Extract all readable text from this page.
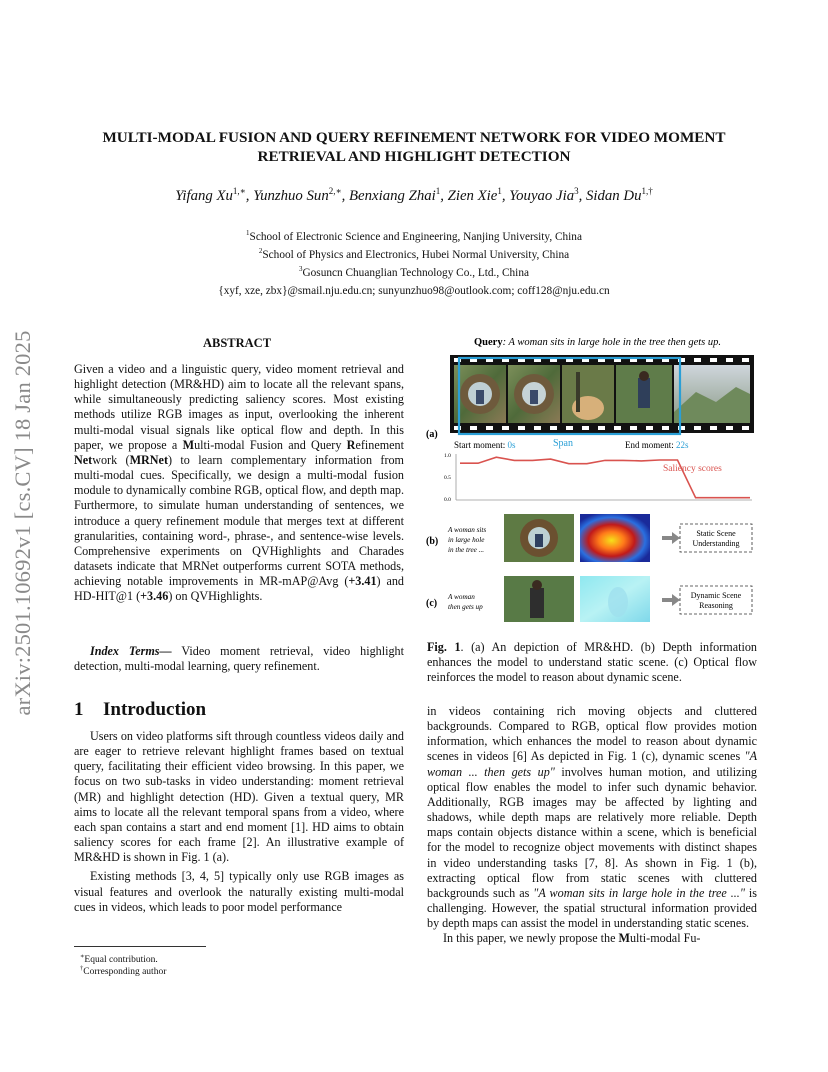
arXiv:2501.10692v1 [cs.CV] 18 Jan 2025
MULTI-MODAL FUSION AND QUERY REFINEMENT NETWORK FOR VIDEO MOMENT
RETRIEVAL AND HIGHLIGHT DETECTION
Yifang $Xu^{1,∗}$, Yunzhuo Sun$^{2,∗}$, Benxiang Zhai$^1$, Zien Xie$^1$, Youyao Jia$^3$, Sidan $Du^{1,\dagger}$
$^1$School of Electronic Science and Engineering, Nanjing University, China
$^2$School of Physics and Electronics, Hubei Normal University, China
$^3$Gosuncn Chuanglian Technology Co., Ltd., China
{xyf, xze, zbx}@smail.nju.edu.cn; sunyunzhuo98@outlook.com; coff128@nju.edu.cn
ABSTRACT

Given a video and a linguistic query, video moment retrieval and highlight detection (MR&HD) aim to locate all the relevant spans, while simultaneously predicting saliency scores. Most existing methods utilize RGB images as input, overlooking the inherent multi-modal visual signals like optical flow and depth. In this paper, we propose a Multi-modal Fusion and Query Refinement Network (MRNet) to learn complementary information from multi-modal cues. Specifically, we design a multi-modal fusion module to dynamically combine RGB, optical flow, and depth map. Furthermore, to simulate human understanding of sentences, we introduce a query refinement module that merges text at different granularities, containing word-, phrase-, and sentence-wise levels. Comprehensive experiments on QVHighlights and Charades datasets indicate that MRNet outperforms current SOTA methods, achieving notable improvements in MR-mAP@Avg (+3.41) and HD-HIT@1 (+3.46) on QVHighlights.

Index Terms— Video moment retrieval, video highlight detection, multi-modal learning, query refinement.

1 Introduction

Users on video platforms sift through countless videos daily and are eager to retrieve relevant highlight frames based on textual query, facilitating their efficient video browsing. In this paper, we focus on two sub-tasks in video understanding: moment retrieval (MR) and highlight detection (HD). Given a textual query, MR aims to locate all the relevant temporal spans from a video, where each span contains a start and end moment [1]. HD aims to obtain saliency scores for each frame [2]. An illustrative example of MR&HD is shown in Fig. 1 (a).

Existing methods [3, 4, 5] typically only use RGB images as visual features and overlook the naturally existing multi-modal cues in videos, which leads to poor model performance

∗Equal contribution.
†Corresponding author
Query: A woman sits in large hole in the tree then gets up.
(a)
Start moment: 0s	Span	End moment: 22s
1.0
0.5
0.0
Saliency scores
(b)
A woman sits
in large hole
in the tree ...
Static Scene
Understanding
(c)
A woman
then gets up
Dynamic Scene
Reasoning
Fig. 1. (a) An depiction of MR&HD. (b) Depth information enhances the model to understand static scene. (c) Optical flow reinforces the model to reason about dynamic scene.

in videos containing rich moving objects and cluttered backgrounds. Compared to RGB, optical flow provides motion information, which enhances the model to reason about dynamic scenes in videos [6] As depicted in Fig. 1 (c), dynamic scenes "A woman ... then gets up" involves human motion, and utilizing optical flow enables the model to infer such dynamic behavior. Additionally, RGB images may be affected by lighting and shadows, while depth maps are relatively more reliable. Depth maps contain objects distance within a scene, which is beneficial for the model to recognize object movements with distinct shapes in video understanding tasks [7, 8]. As shown in Fig. 1 (b), extracting optical flow from static scenes with cluttered backgrounds such as "A woman sits in large hole in the tree ..." is challenging. However, the spatial structural information provided by depth maps can assist the model in understanding static scenes.

In this paper, we newly propose the Multi-modal Fu-
